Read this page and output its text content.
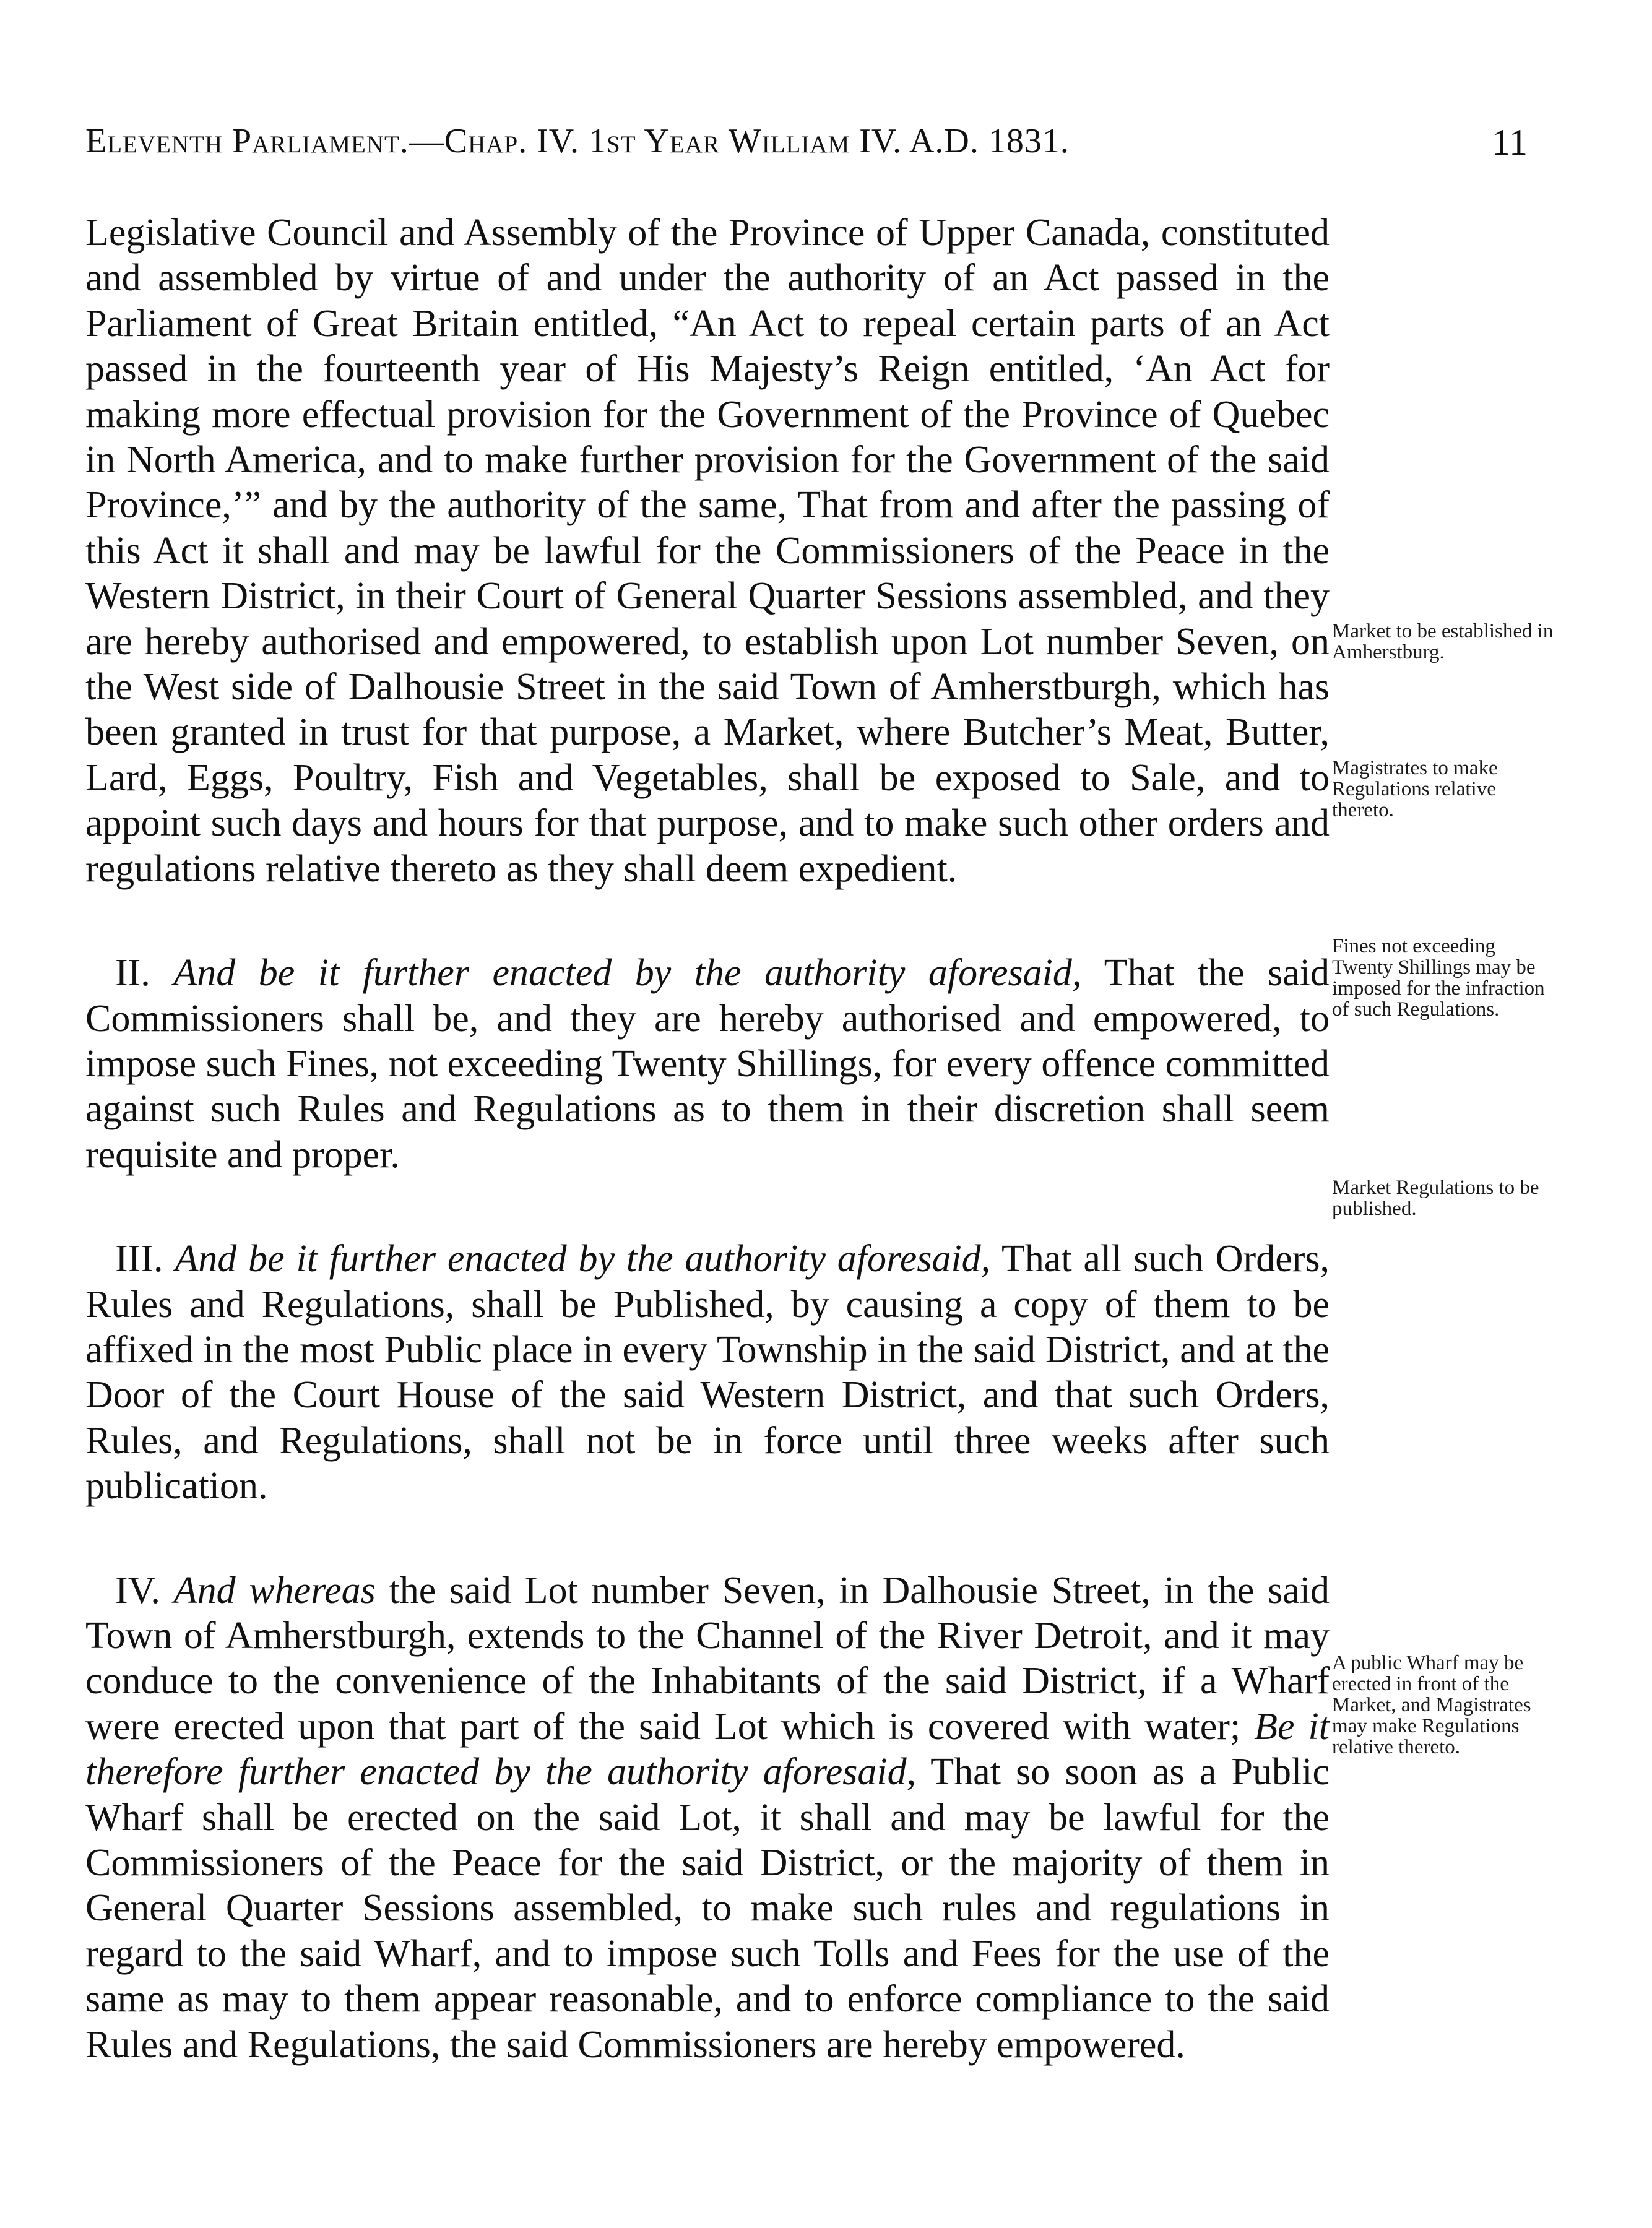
Eleventh Parliament.—Chap. IV. 1st Year William IV. A.D. 1831.	11

Legislative Council and Assembly of the Province of Upper Canada, constituted and assembled by virtue of and under the authority of an Act passed in the Parliament of Great Britain entitled, “An Act to repeal certain parts of an Act passed in the fourteenth year of His Majesty’s Reign entitled, ‘An Act for making more effectual provision for the Government of the Province of Quebec in North America, and to make further provision for the Government of the said Province,’” and by the authority of the same, That from and after the passing of this Act it shall and may be lawful for the Commissioners of the Peace in the Western District, in their Court of General Quarter Sessions assembled, and they are hereby authorised and empowered, to establish upon Lot number Seven, on the West side of Dalhousie Street in the said Town of Amherstburgh, which has been granted in trust for that purpose, a Market, where Butcher’s Meat, Butter, Lard, Eggs, Poultry, Fish and Vegetables, shall be exposed to Sale, and to appoint such days and hours for that purpose, and to make such other orders and regulations relative thereto as they shall deem expedient.

II. And be it further enacted by the authority aforesaid, That the said Commissioners shall be, and they are hereby authorised and empowered, to impose such Fines, not exceeding Twenty Shillings, for every offence committed against such Rules and Regulations as to them in their discretion shall seem requisite and proper.

III. And be it further enacted by the authority aforesaid, That all such Orders, Rules and Regulations, shall be Published, by causing a copy of them to be affixed in the most Public place in every Township in the said District, and at the Door of the Court House of the said Western District, and that such Orders, Rules, and Regulations, shall not be in force until three weeks after such publication.

IV. And whereas the said Lot number Seven, in Dalhousie Street, in the said Town of Amherstburgh, extends to the Channel of the River Detroit, and it may conduce to the convenience of the Inhabitants of the said District, if a Wharf were erected upon that part of the said Lot which is covered with water; Be it therefore further enacted by the authority aforesaid, That so soon as a Public Wharf shall be erected on the said Lot, it shall and may be lawful for the Commissioners of the Peace for the said District, or the majority of them in General Quarter Sessions assembled, to make such rules and regulations in regard to the said Wharf, and to impose such Tolls and Fees for the use of the same as may to them appear reasonable, and to enforce compliance to the said Rules and Regulations, the said Commissioners are hereby empowered.

Market to be established in Amherstburg.
Magistrates to make Regulations relative thereto.
Fines not exceeding Twenty Shillings may be imposed for the infraction of such Regulations.
Market Regulations to be published.
A public Wharf may be erected in front of the Market, and Magistrates may make Regulations relative thereto.
